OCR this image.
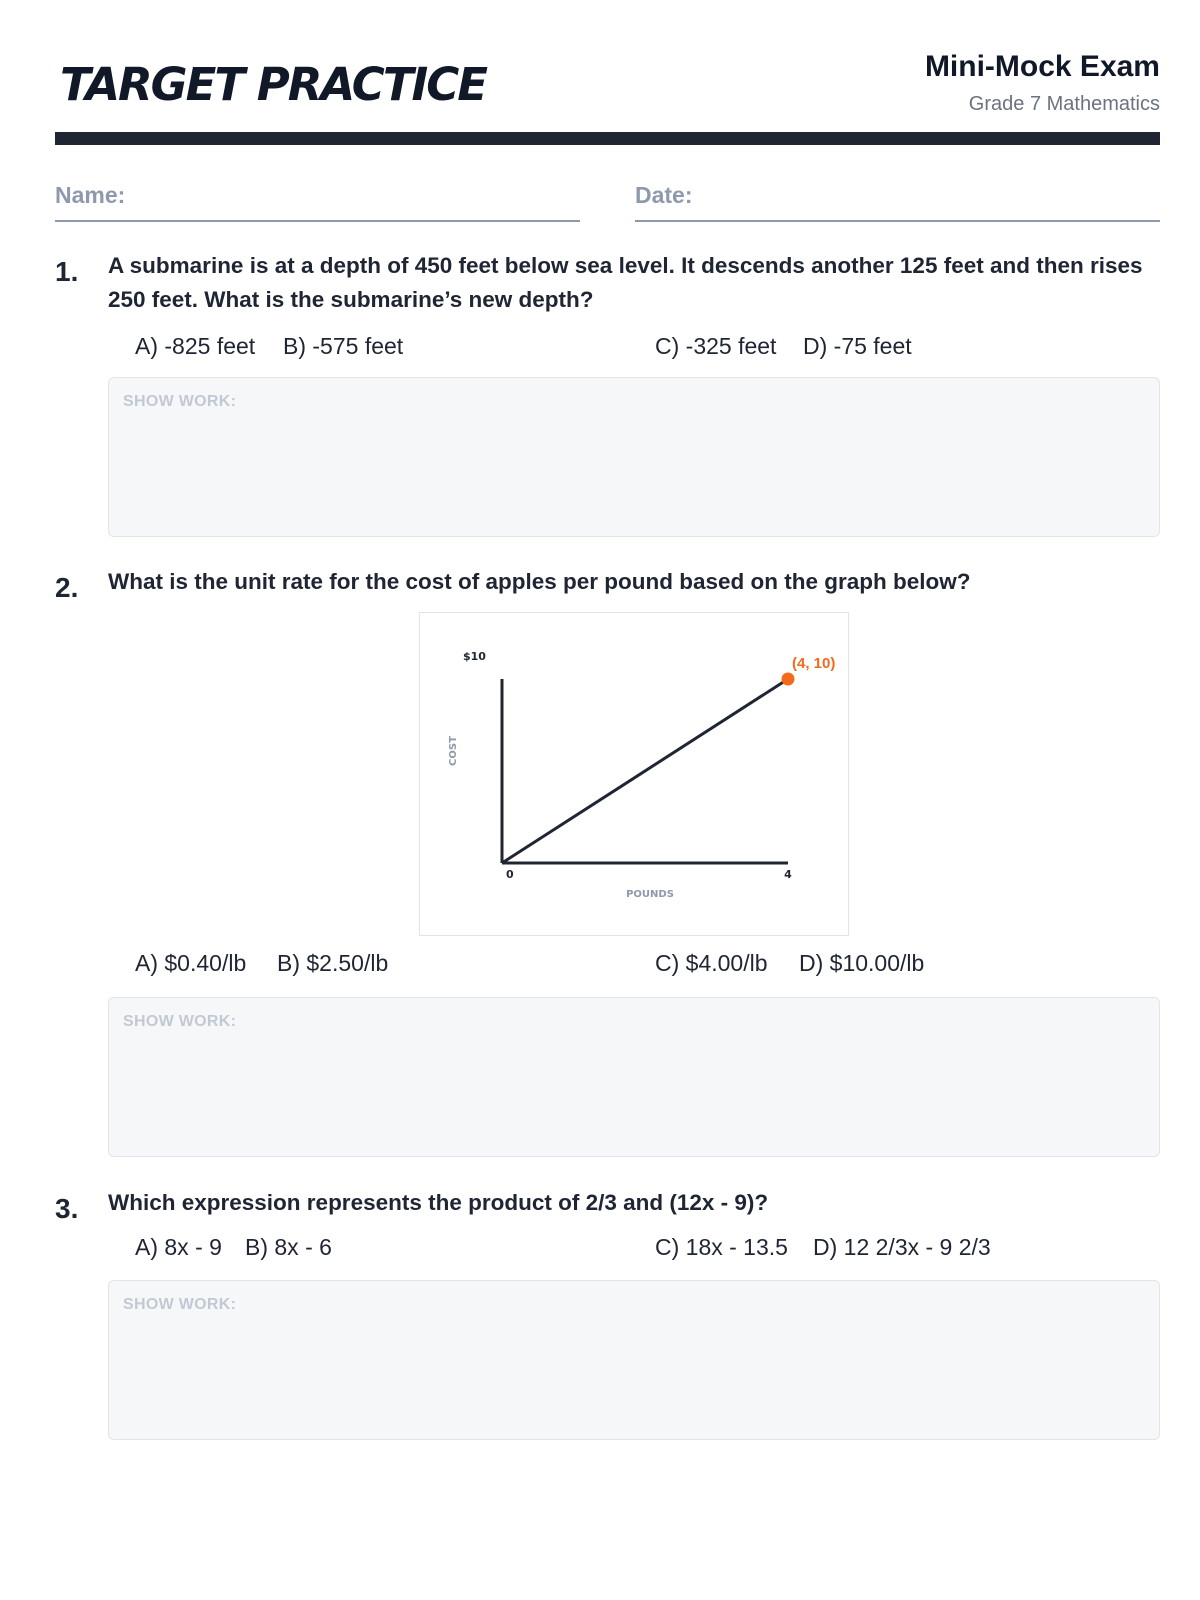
TARGET PRACTICE	Mini-Mock Exam
Grade 7 Mathematics
Name:	Date:
1. A submarine is at a depth of 450 feet below sea level. It descends another 125 feet and then rises 250 feet. What is the submarine’s new depth?
A) -825 feet B) -575 feet	C) -325 feet D) -75 feet
SHOW WORK:
2. What is the unit rate for the cost of apples per pound based on the graph below?
$10
COST
0	4
POUNDS
(4, 10)
A) $0.40/lb B) $2.50/lb	C) $4.00/lb D) $10.00/lb
SHOW WORK:
3. Which expression represents the product of 2/3 and (12x - 9)?
A) 8x - 9 B) 8x - 6	C) 18x - 13.5 D) 12 2/3x - 9 2/3
SHOW WORK:
